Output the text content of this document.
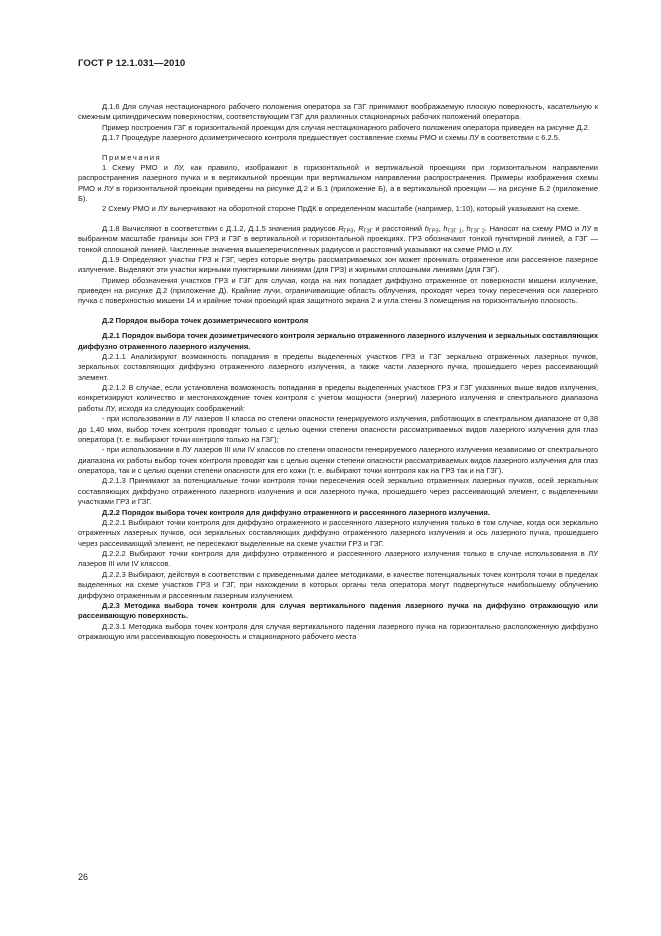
ГОСТ Р 12.1.031—2010

Д.1.6 Для случая нестационарного рабочего положения оператора за ГЗГ принимают воображаемую плоскую поверхность, касательную к смежным цилиндрическим поверхностям, соответствующим ГЗГ для различных стационарных рабочих положений оператора.

Пример построения ГЗГ в горизонтальной проекции для случая нестационарного рабочего положения оператора приведен на рисунке Д.2.

Д.1.7 Процедуре лазерного дозиметрического контроля предшествует составление схемы РМО и схемы ЛУ в соответствии с 6.2.5.

Примечания

1 Схему РМО и ЛУ, как правило, изображают в горизонтальной и вертикальной проекциях при горизонтальном направлении распространения лазерного пучка и в вертикальной проекции при вертикальном направлении распространения. Примеры изображения схемы РМО и ЛУ в горизонтальной проекции приведены на рисунке Д.2 и Б.1 (приложение Б), а в вертикальной проекции — на рисунке Б.2 (приложение Б).

2 Схему РМО и ЛУ вычерчивают на оборотной стороне ПрДК в определенном масштабе (например, 1:10), который указывают на схеме.

Д.1.8 Вычисляют в соответствии с Д.1.2, Д.1.5 значения радиусов $R_{ГРЗ}$, $R_{ГЗГ}$ и расстояний $h_{ГРЗ}$, $h_{ГЗГ 1}$, $h_{ГЗГ 2}$. Наносят на схему РМО и ЛУ в выбранном масштабе границы зон ГРЗ и ГЗГ в вертикальной и горизонтальной проекциях. ГРЗ обозначают тонкой пунктирной линией, а ГЗГ — тонкой сплошной линией. Численные значения вышеперечисленных радиусов и расстояний указывают на схеме РМО и ЛУ.

Д.1.9 Определяют участки ГРЗ и ГЗГ, через которые внутрь рассматриваемых зон может проникать отраженное или рассеянное лазерное излучение. Выделяют эти участки жирными пунктирными линиями (для ГРЗ) и жирными сплошными линиями (для ГЗГ).

Пример обозначения участков ГРЗ и ГЗГ для случая, когда на них попадает диффузно отраженное от поверхности мишени излучение, приведен на рисунке Д.2 (приложение Д). Крайние лучи, ограничивающие область облучения, проходят через точку пересечения оси лазерного пучка с поверхностью мишени 14 и крайние точки проекций края защитного экрана 2 и угла стены 3 помещения на горизонтальную плоскость.

Д.2 Порядок выбора точек дозиметрического контроля

Д.2.1 Порядок выбора точек дозиметрического контроля зеркально отраженного лазерного излучения и зеркальных составляющих диффузно отраженного лазерного излучения.

Д.2.1.1 Анализируют возможность попадания в пределы выделенных участков ГРЗ и ГЗГ зеркально отраженных лазерных пучков, зеркальных составляющих диффузно отраженного лазерного излучения, а также части лазерного пучка, прошедшего через рассеивающий элемент.

Д.2.1.2 В случае, если установлена возможность попадания в пределы выделенных участков ГРЗ и ГЗГ указанных выше видов излучения, конкретизируют количество и местонахождение точек контроля с учетом мощности (энергии) лазерного излучения и спектрального диапазона работы ЛУ, исходя из следующих соображений:

- при использовании в ЛУ лазеров II класса по степени опасности генерируемого излучения, работающих в спектральном диапазоне от 0,38 до 1,40 мкм, выбор точек контроля проводят только с целью оценки степени опасности рассматриваемых видов лазерного излучения для глаз оператора (т. е. выбирают точки контроля только на ГЗГ);

- при использовании в ЛУ лазеров III или IV классов по степени опасности генерируемого лазерного излучения независимо от спектрального диапазона их работы выбор точек контроля проводят как с целью оценки степени опасности рассматриваемых видов лазерного излучения для глаз оператора, так и с целью оценки степени опасности для его кожи (т. е. выбирают точки контроля как на ГРЗ так и на ГЗГ).

Д.2.1.3 Принимают за потенциальные точки контроля точки пересечения осей зеркально отраженных лазерных пучков, осей зеркальных составляющих диффузно отраженного лазерного излучения и оси лазерного пучка, прошедшего через рассеивающий элемент, с выделенными участками ГРЗ и ГЗГ.

Д.2.2 Порядок выбора точек контроля для диффузно отраженного и рассеянного лазерного излучения.

Д.2.2.1 Выбирают точки контроля для диффузно отраженного и рассеянного лазерного излучения только в том случае, когда оси зеркально отраженных лазерных пучков, оси зеркальных составляющих диффузно отраженного лазерного излучения и ось лазерного пучка, прошедшего через рассеивающий элемент, не пересекают выделенные на схеме участки ГРЗ и ГЗГ.

Д.2.2.2 Выбирают точки контроля для диффузно отраженного и рассеянного лазерного излучения только в случае использования в ЛУ лазеров III или IV классов.

Д.2.2.3 Выбирают, действуя в соответствии с приведенными далее методиками, в качестве потенциальных точек контроля точки в пределах выделенных на схеме участков ГРЗ и ГЗГ, при нахождении в которых органы тела оператора могут подвергнуться наибольшему облучению диффузно отраженным и рассеянным лазерным излучением.

Д.2.3 Методика выбора точек контроля для случая вертикального падения лазерного пучка на диффузно отражающую или рассеивающую поверхность.

Д.2.3.1 Методика выбора точек контроля для случая вертикального падения лазерного пучка на горизонтально расположенную диффузно отражающую или рассеивающую поверхность и стационарного рабочего места

26
